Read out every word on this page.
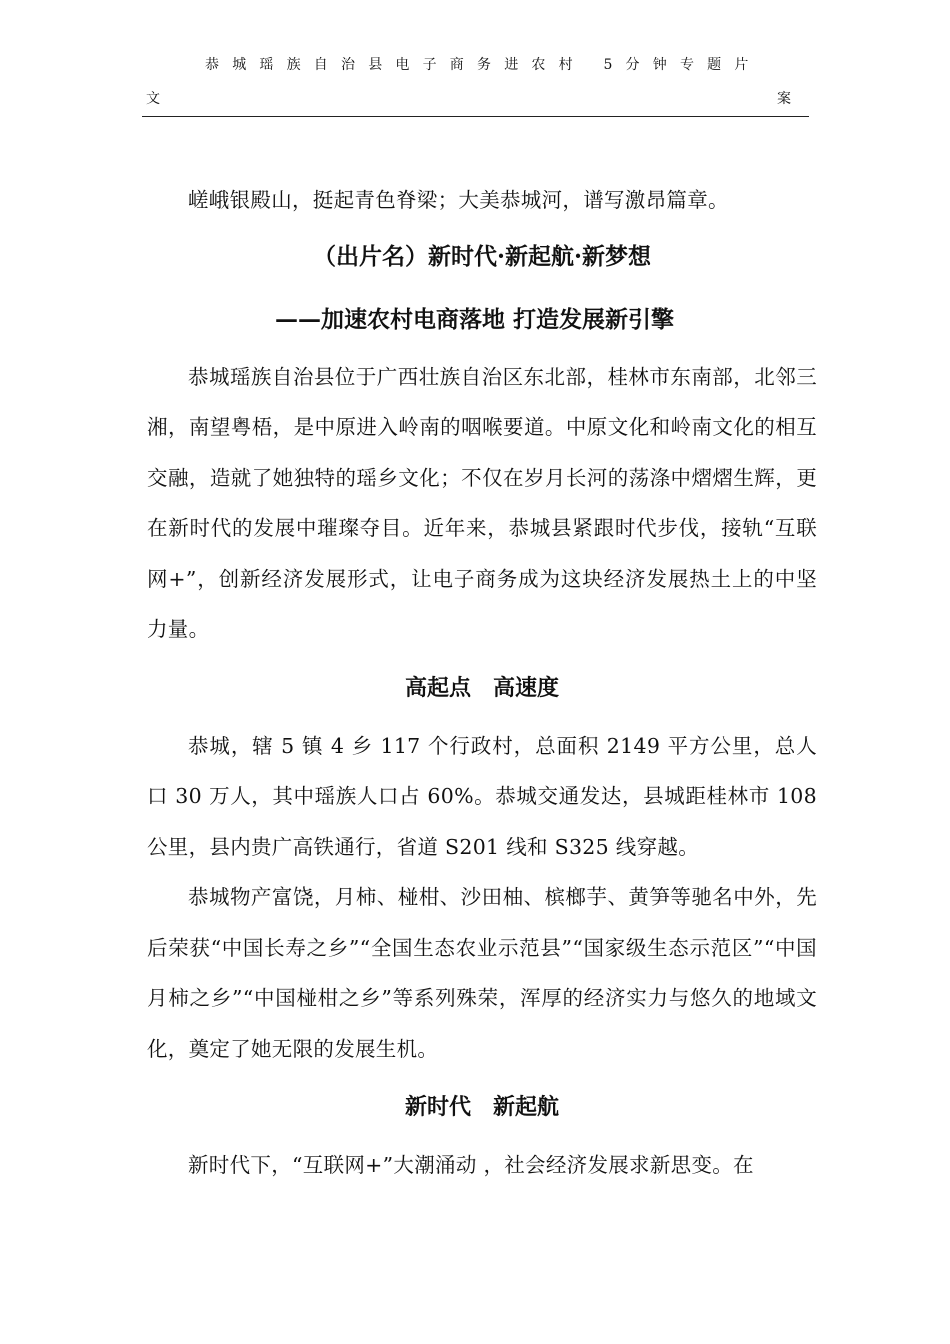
恭城瑶族自治县电子商务进农村 5分钟专题片
文	案

嵯峨银殿山，挺起青色脊梁；大美恭城河，谱写激昂篇章。

（出片名）新时代·新起航·新梦想

——加速农村电商落地 打造发展新引擎

恭城瑶族自治县位于广西壮族自治区东北部，桂林市东南部，北邻三湘，南望粤梧，是中原进入岭南的咽喉要道。中原文化和岭南文化的相互交融，造就了她独特的瑶乡文化；不仅在岁月长河的荡涤中熠熠生辉，更在新时代的发展中璀璨夺目。近年来，恭城县紧跟时代步伐，接轨“互联网+”，创新经济发展形式，让电子商务成为这块经济发展热土上的中坚力量。

高起点　高速度

恭城，辖 5 镇 4 乡 117 个行政村，总面积 2149 平方公里，总人口 30 万人，其中瑶族人口占 60%。恭城交通发达，县城距桂林市 108 公里，县内贵广高铁通行，省道 S201 线和 S325 线穿越。

恭城物产富饶，月柿、椪柑、沙田柚、槟榔芋、黄笋等驰名中外，先后荣获“中国长寿之乡”“全国生态农业示范县”“国家级生态示范区”“中国月柿之乡”“中国椪柑之乡”等系列殊荣，浑厚的经济实力与悠久的地域文化，奠定了她无限的发展生机。

新时代　新起航

新时代下，“互联网+”大潮涌动 ，社会经济发展求新思变。在
